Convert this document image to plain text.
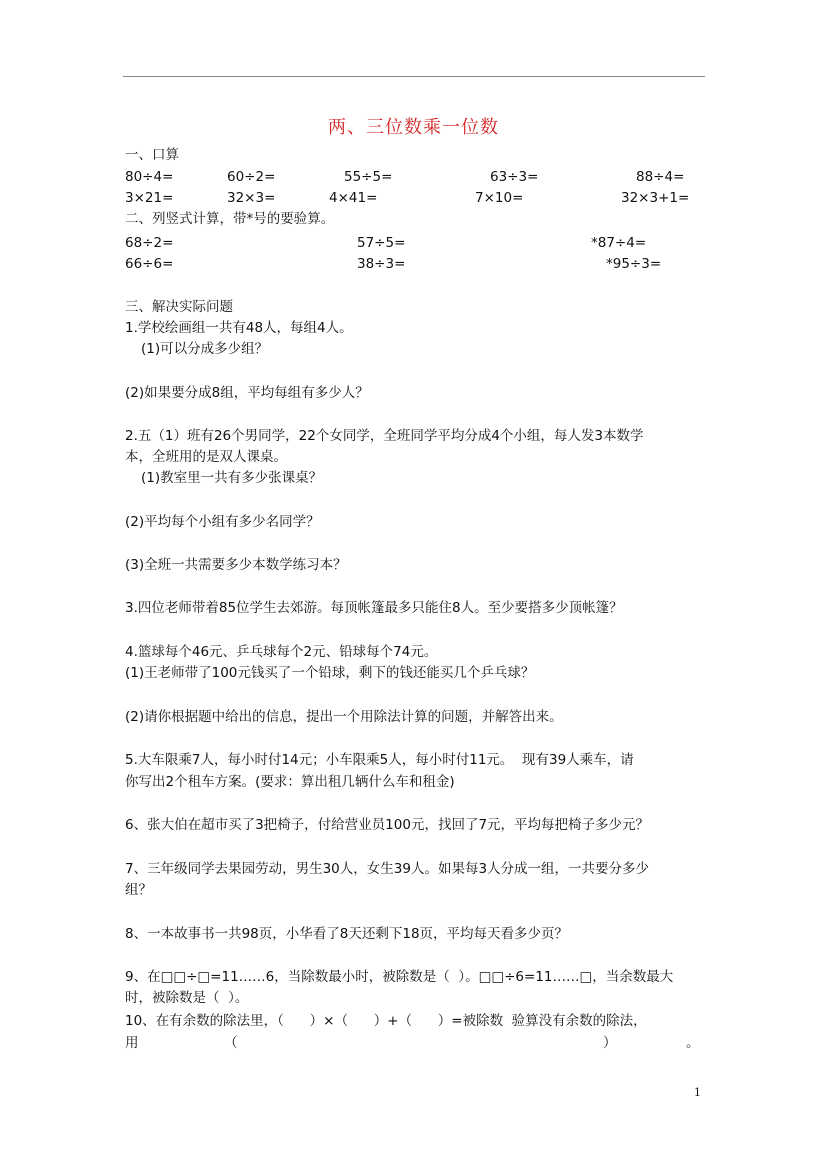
两、三位数乘一位数
一、口算
80÷4=	60÷2=	55÷5=	63÷3=	88÷4=
3×21=	32×3=	4×41=	7×10=	32×3+1=
二、列竖式计算，带*号的要验算。
68÷2=	57÷5=	*87÷4=
66÷6=	38÷3=	*95÷3=
三、解决实际问题
1.学校绘画组一共有48人，每组4人。
(1)可以分成多少组？
(2)如果要分成8组，平均每组有多少人？
2.五（1）班有26个男同学，22个女同学，全班同学平均分成4个小组，每人发3本数学
本，全班用的是双人课桌。
(1)教室里一共有多少张课桌？
(2)平均每个小组有多少名同学？
(3)全班一共需要多少本数学练习本？
3.四位老师带着85位学生去郊游。每顶帐篷最多只能住8人。至少要搭多少顶帐篷？
4.篮球每个46元、乒乓球每个2元、铅球每个74元。
(1)王老师带了100元钱买了一个铅球，剩下的钱还能买几个乒乓球？
(2)请你根据题中给出的信息，提出一个用除法计算的问题，并解答出来。
5.大车限乘7人，每小时付14元；小车限乘5人，每小时付11元。  现有39人乘车，请
你写出2个租车方案。(要求：算出租几辆什么车和租金)
6、张大伯在超市买了3把椅子，付给营业员100元，找回了7元，平均每把椅子多少元？
7、三年级同学去果园劳动，男生30人，女生39人。如果每3人分成一组，一共要分多少
组？
8、一本故事书一共98页，小华看了8天还剩下18页，平均每天看多少页？
9、在□□÷□=11……6，当除数最小时，被除数是（  ）。□□÷6=11……□，当余数最大
时，被除数是（  ）。
10、在有余数的除法里，（      ）×（      ）+（      ）=被除数  验算没有余数的除法，
用	（	）	。
1
